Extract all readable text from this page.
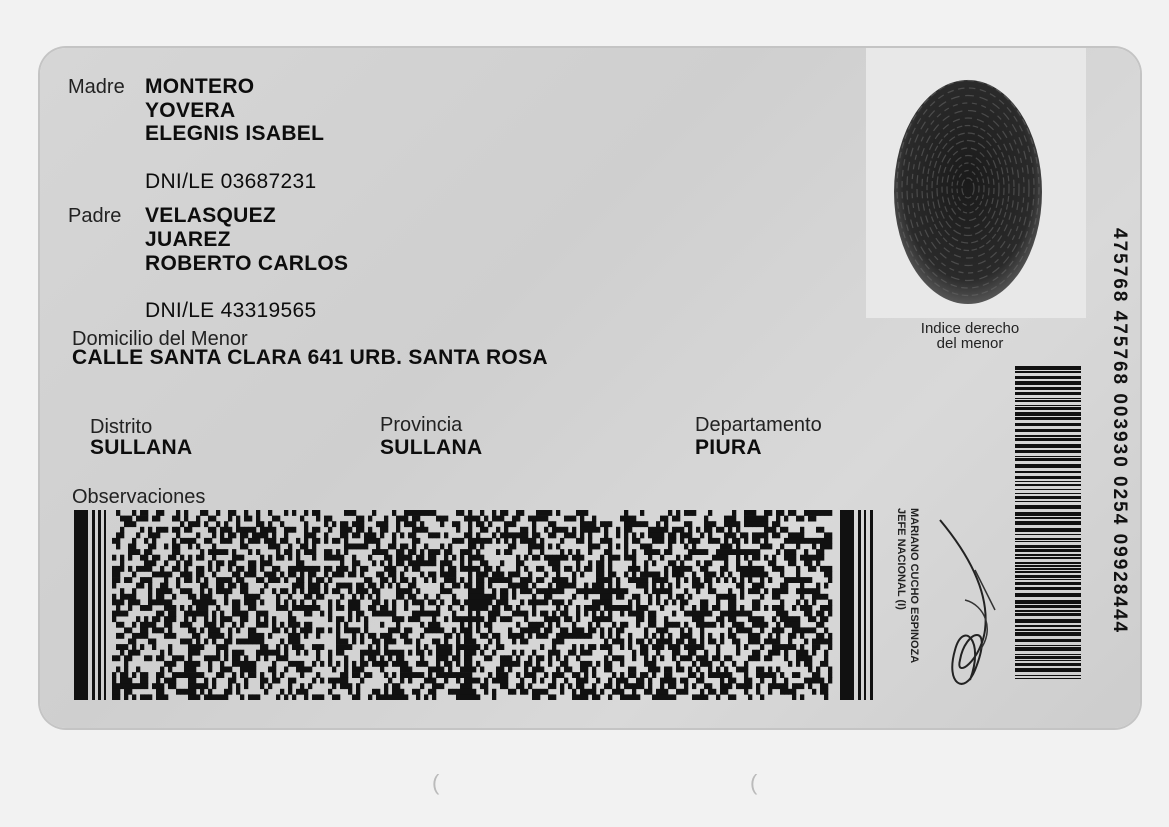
Madre MONTERO
YOVERA
ELEGNIS ISABEL
DNI/LE 03687231
Padre VELASQUEZ
JUAREZ
ROBERTO CARLOS
DNI/LE 43319565
Domicilio del Menor
CALLE SANTA CLARA 641 URB. SANTA ROSA
Distrito
SULLANA
Provincia
SULLANA
Departamento
PIURA
Observaciones
Indice derecho
del menor	475768 475768 003930 0254 09928444
MARIANO CUCHO ESPINOZA
JEFE NACIONAL (I)
(	(
